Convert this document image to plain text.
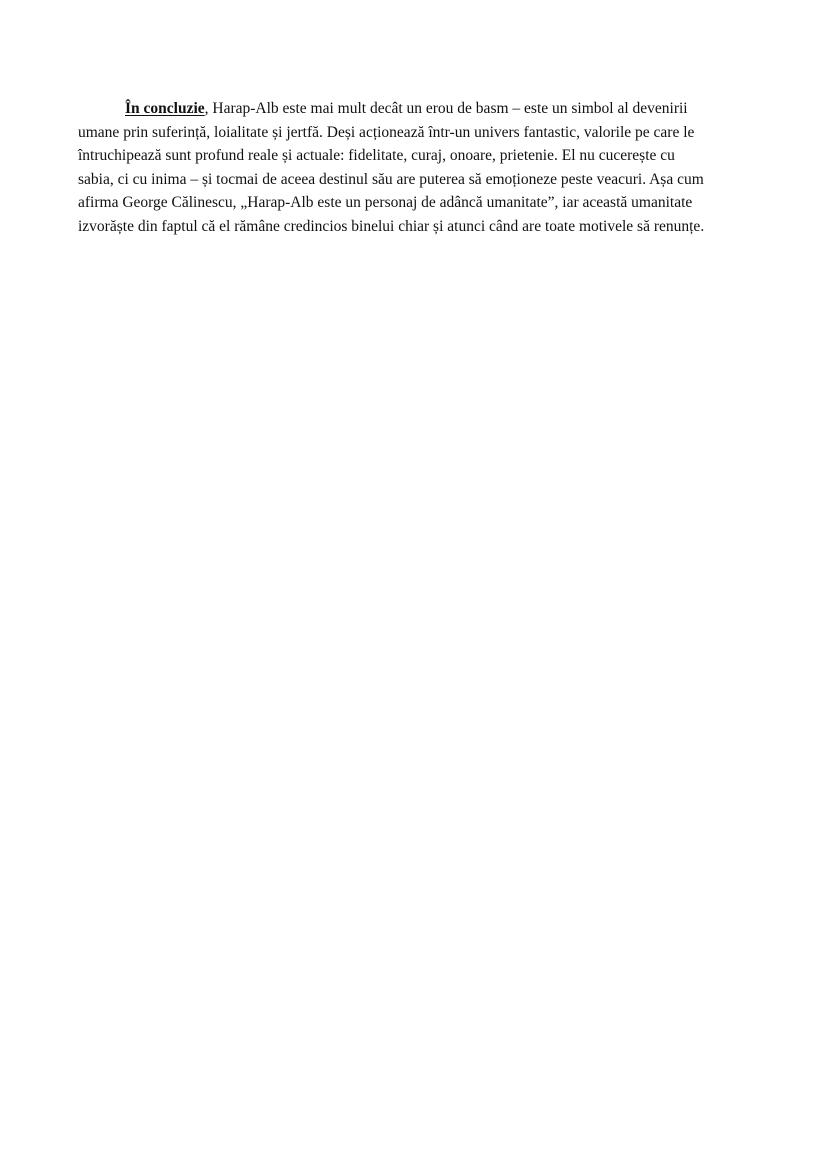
În concluzie, Harap-Alb este mai mult decât un erou de basm – este un simbol al devenirii
umane prin suferință, loialitate și jertfă. Deși acționează într-un univers fantastic, valorile pe care le
întruchipează sunt profund reale și actuale: fidelitate, curaj, onoare, prietenie. El nu cucerește cu
sabia, ci cu inima – și tocmai de aceea destinul său are puterea să emoționeze peste veacuri. Așa cum
afirma George Călinescu, „Harap-Alb este un personaj de adâncă umanitate”, iar această umanitate
izvorăște din faptul că el rămâne credincios binelui chiar și atunci când are toate motivele să renunțe.
